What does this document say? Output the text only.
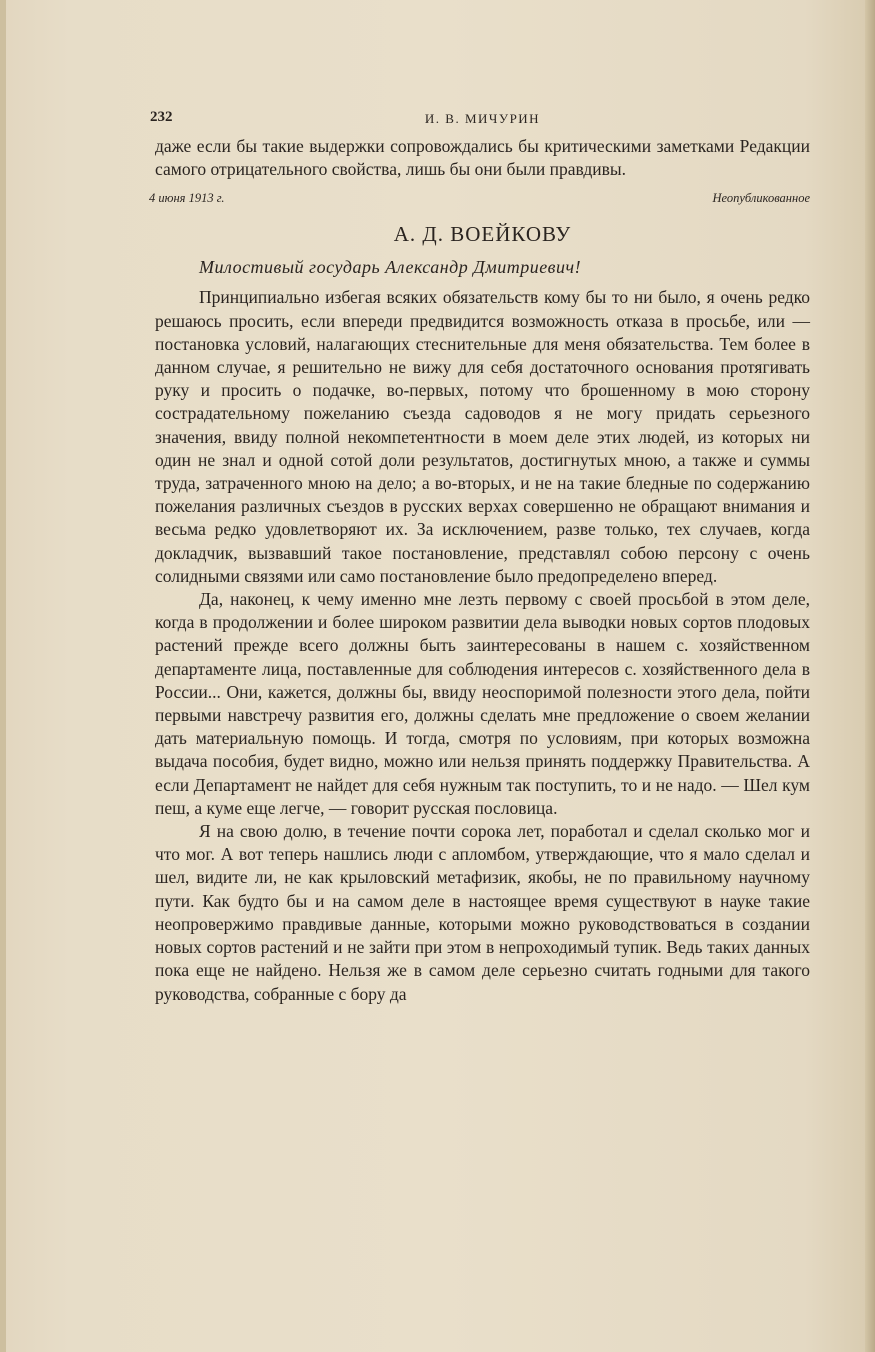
232	И. В. МИЧУРИН

даже если бы такие выдержки сопровождались бы критическими заметками Редакции самого отрицательного свойства, лишь бы они были правдивы.

4 июня 1913 г.	Неопубликованное
А. Д. ВОЕЙКОВУ
Милостивый государь Александр Дмитриевич!

Принципиально избегая всяких обязательств кому бы то ни было, я очень редко решаюсь просить, если впереди предвидится возможность отказа в просьбе, или — постановка условий, налагающих стеснительные для меня обязательства. Тем более в данном случае, я решительно не вижу для себя достаточного основания протягивать руку и просить о подачке, во-первых, потому что брошенному в мою сторону сострадательному пожеланию съезда садоводов я не могу придать серьезного значения, ввиду полной некомпетентности в моем деле этих людей, из которых ни один не знал и одной сотой доли результатов, достигнутых мною, а также и суммы труда, затраченного мною на дело; а во-вторых, и не на такие бледные по содержанию пожелания различных съездов в русских верхах совершенно не обращают внимания и весьма редко удовлетворяют их. За исключением, разве только, тех случаев, когда докладчик, вызвавший такое постановление, представлял собою персону с очень солидными связями или само постановление было предопределено вперед.

Да, наконец, к чему именно мне лезть первому с своей просьбой в этом деле, когда в продолжении и более широком развитии дела выводки новых сортов плодовых растений прежде всего должны быть заинтересованы в нашем с. хозяйственном департаменте лица, поставленные для соблюдения интересов с. хозяйственного дела в России... Они, кажется, должны бы, ввиду неоспоримой полезности этого дела, пойти первыми навстречу развития его, должны сделать мне предложение о своем желании дать материальную помощь. И тогда, смотря по условиям, при которых возможна выдача пособия, будет видно, можно или нельзя принять поддержку Правительства. А если Департамент не найдет для себя нужным так поступить, то и не надо. — Шел кум пеш, а куме еще легче, — говорит русская пословица.

Я на свою долю, в течение почти сорока лет, поработал и сделал сколько мог и что мог. А вот теперь нашлись люди с апломбом, утверждающие, что я мало сделал и шел, видите ли, не как крыловский метафизик, якобы, не по правильному научному пути. Как будто бы и на самом деле в настоящее время существуют в науке такие неопровержимо правдивые данные, которыми можно руководствоваться в создании новых сортов растений и не зайти при этом в непроходимый тупик. Ведь таких данных пока еще не найдено. Нельзя же в самом деле серьезно считать годными для такого руководства, собранные с бору да
